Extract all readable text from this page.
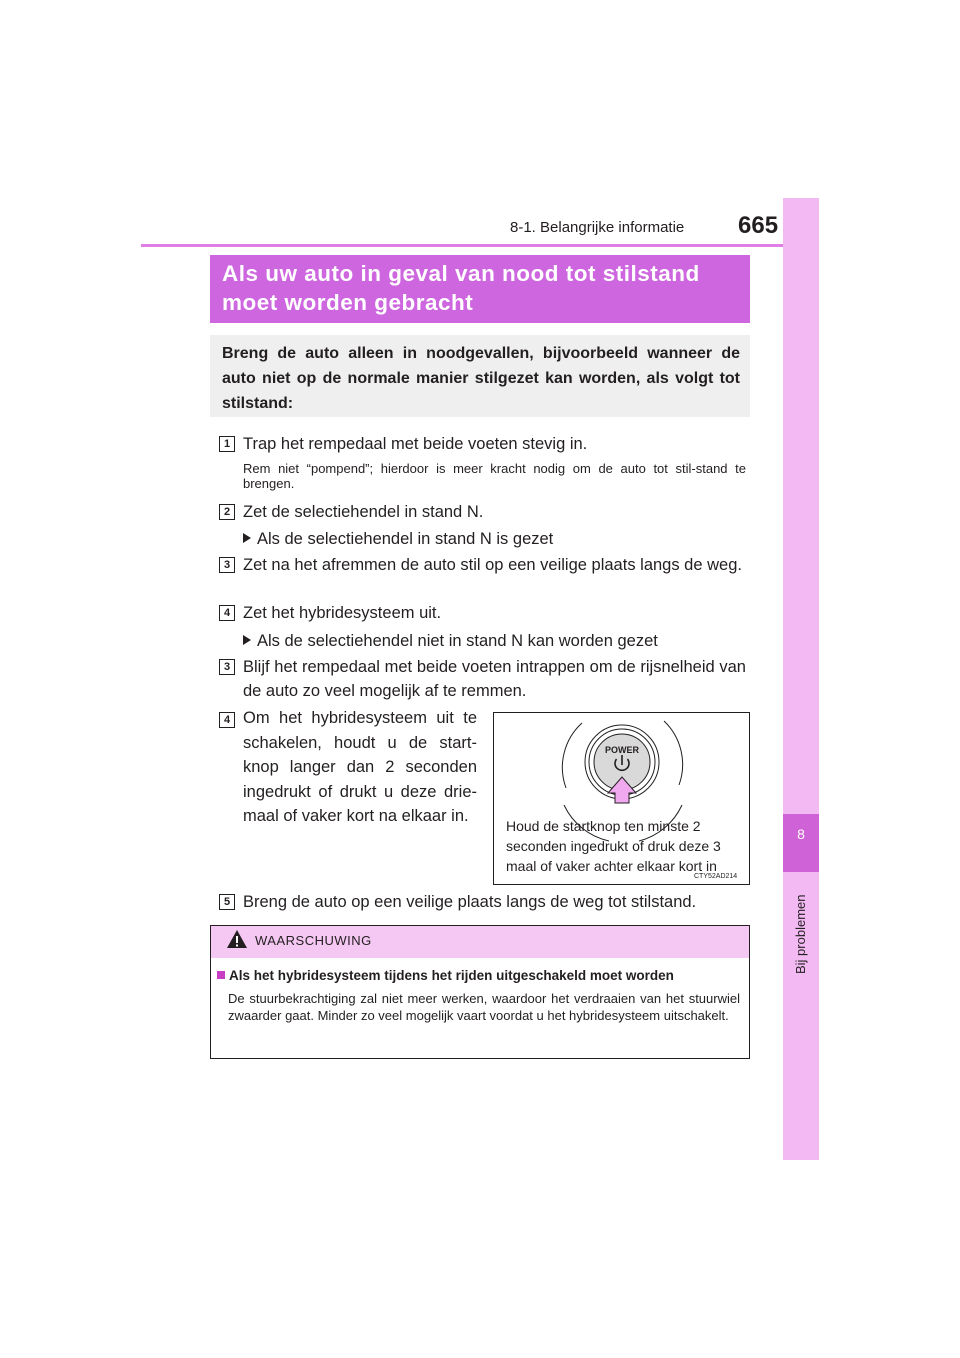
8-1. Belangrijke informatie 665
8
Bij problemen
Als uw auto in geval van nood tot stilstand moet worden gebracht
Breng de auto alleen in noodgevallen, bijvoorbeeld wanneer de auto niet op de normale manier stilgezet kan worden, als volgt tot stilstand:
1 Trap het rempedaal met beide voeten stevig in.
Rem niet “pompend”; hierdoor is meer kracht nodig om de auto tot stil-stand te brengen.
2 Zet de selectiehendel in stand N.
Als de selectiehendel in stand N is gezet
3 Zet na het afremmen de auto stil op een veilige plaats langs de weg.
4 Zet het hybridesysteem uit.
Als de selectiehendel niet in stand N kan worden gezet
3 Blijf het rempedaal met beide voeten intrappen om de rijsnelheid van de auto zo veel mogelijk af te remmen.
4 Om het hybridesysteem uit te schakelen, houdt u de start-knop langer dan 2 seconden ingedrukt of drukt u deze drie-maal of vaker kort na elkaar in.
POWER
Houd de startknop ten minste 2 seconden ingedrukt of druk deze 3 maal of vaker achter elkaar kort in
CTY52AD214
5 Breng de auto op een veilige plaats langs de weg tot stilstand.
WAARSCHUWING
Als het hybridesysteem tijdens het rijden uitgeschakeld moet worden
De stuurbekrachtiging zal niet meer werken, waardoor het verdraaien van het stuurwiel zwaarder gaat. Minder zo veel mogelijk vaart voordat u het hybridesysteem uitschakelt.
